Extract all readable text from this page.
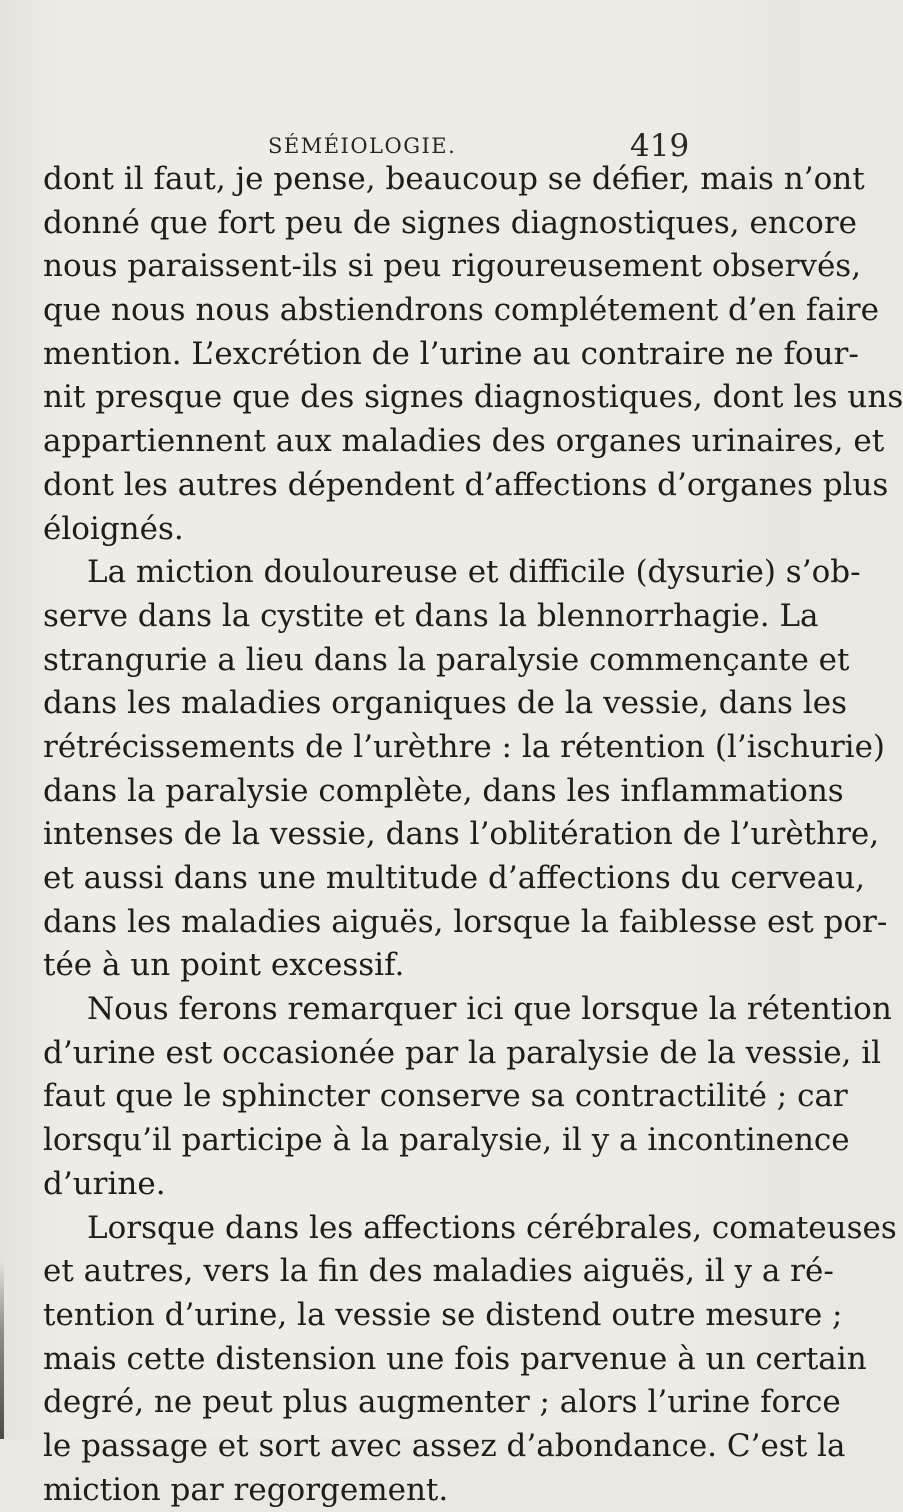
SÉMÉIOLOGIE.	419
dont il faut, je pense, beaucoup se défier, mais n’ont
donné que fort peu de signes diagnostiques, encore
nous paraissent-ils si peu rigoureusement observés,
que nous nous abstiendrons complétement d’en faire
mention. L’excrétion de l’urine au contraire ne four-
nit presque que des signes diagnostiques, dont les uns
appartiennent aux maladies des organes urinaires, et
dont les autres dépendent d’affections d’organes plus
éloignés.
La miction douloureuse et difficile (dysurie) s’ob-
serve dans la cystite et dans la blennorrhagie. La
strangurie a lieu dans la paralysie commençante et
dans les maladies organiques de la vessie, dans les
rétrécissements de l’urèthre : la rétention (l’ischurie)
dans la paralysie complète, dans les inflammations
intenses de la vessie, dans l’oblitération de l’urèthre,
et aussi dans une multitude d’affections du cerveau,
dans les maladies aiguës, lorsque la faiblesse est por-
tée à un point excessif.
Nous ferons remarquer ici que lorsque la rétention
d’urine est occasionée par la paralysie de la vessie, il
faut que le sphincter conserve sa contractilité ; car
lorsqu’il participe à la paralysie, il y a incontinence
d’urine.
Lorsque dans les affections cérébrales, comateuses
et autres, vers la fin des maladies aiguës, il y a ré-
tention d’urine, la vessie se distend outre mesure ;
mais cette distension une fois parvenue à un certain
degré, ne peut plus augmenter ; alors l’urine force
le passage et sort avec assez d’abondance. C’est la
miction par regorgement.
